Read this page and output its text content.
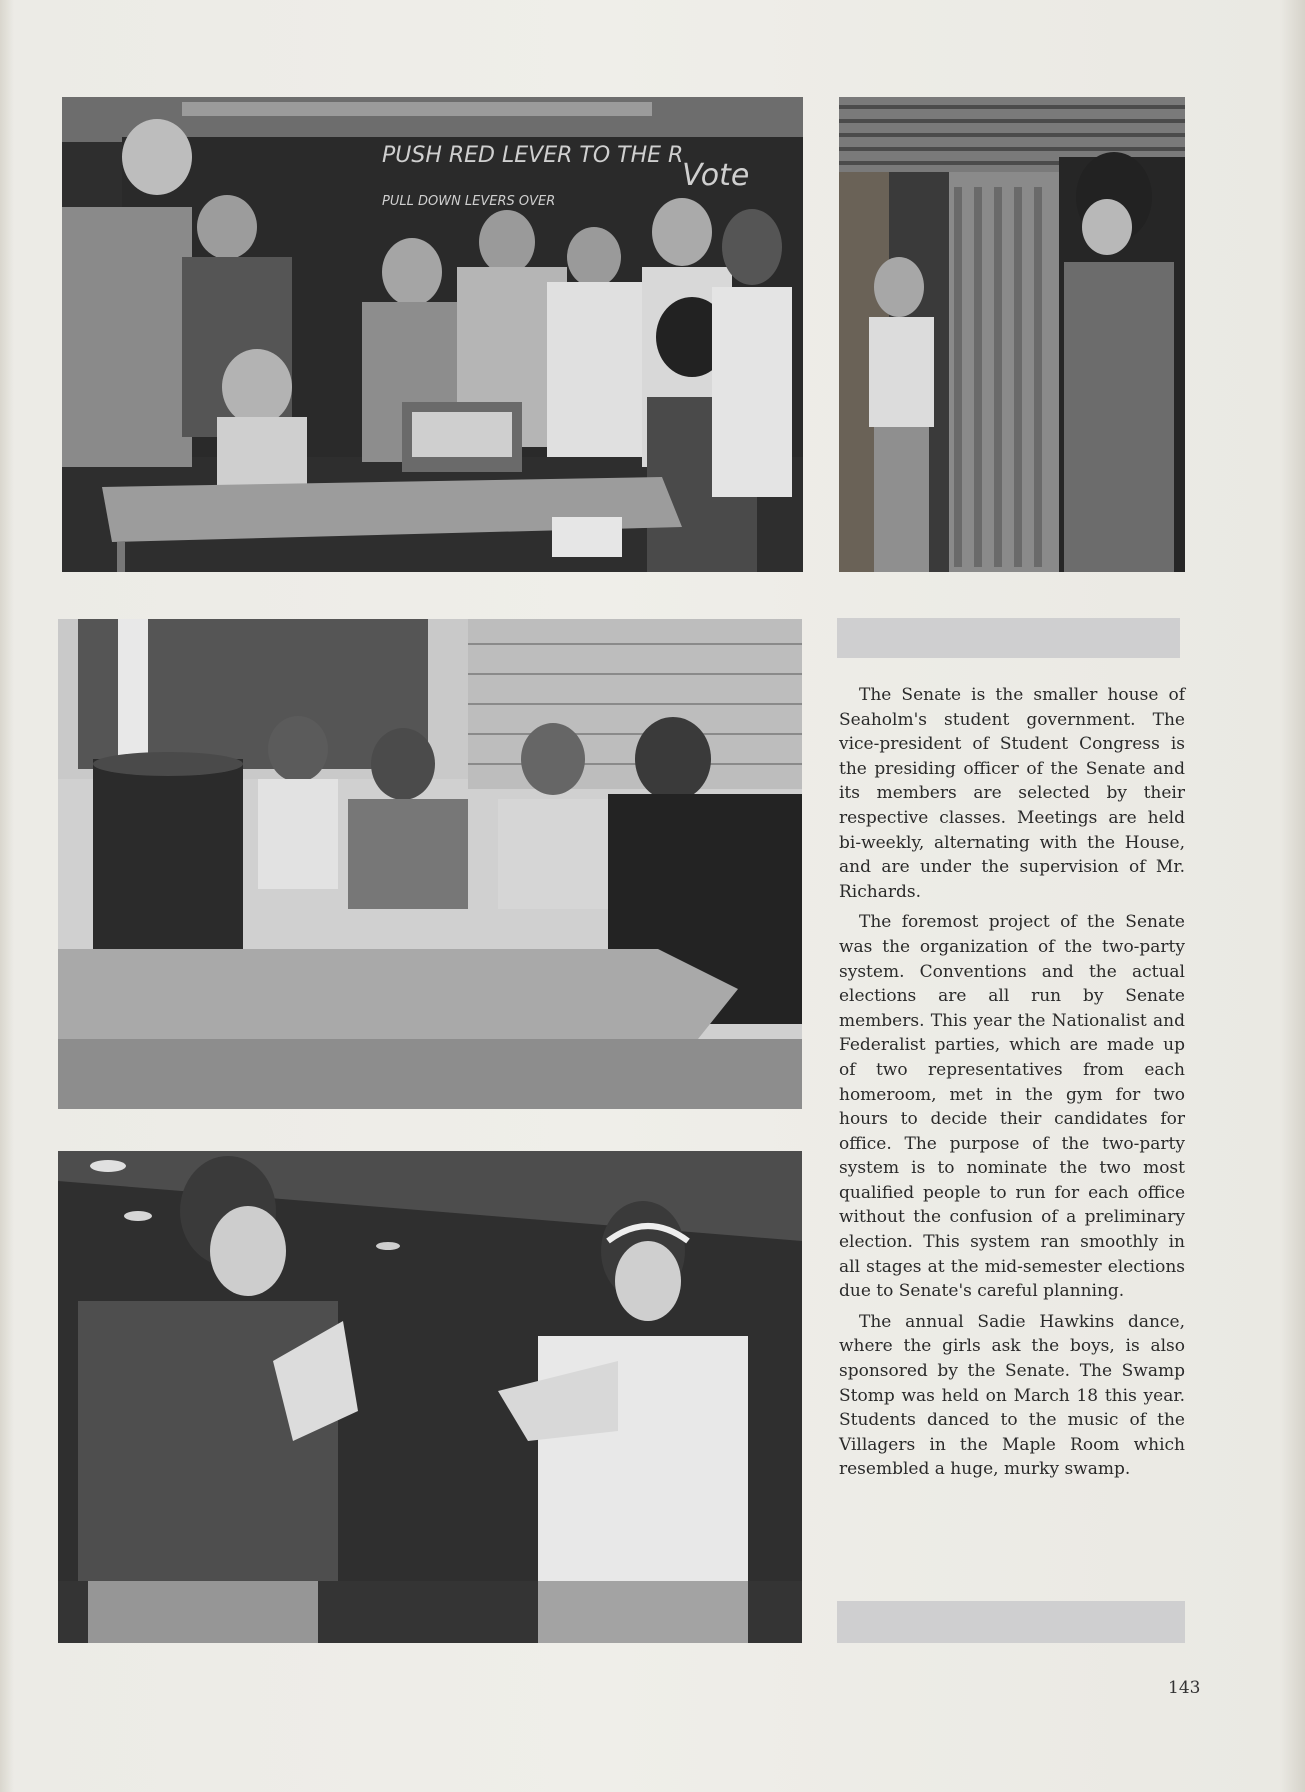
PUSH RED LEVER TO THE R
PULL DOWN LEVERS OVER
Vote

The Senate is the smaller house of Seaholm's student government. The vice-president of Student Congress is the presiding officer of the Senate and its members are selected by their respective classes. Meetings are held bi-weekly, alternating with the House, and are under the supervision of Mr. Richards.

The foremost project of the Senate was the organization of the two-party system. Conventions and the actual elections are all run by Senate members. This year the Nationalist and Federalist parties, which are made up of two representatives from each homeroom, met in the gym for two hours to decide their candidates for office. The purpose of the two-party system is to nominate the two most qualified people to run for each office without the confusion of a preliminary election. This system ran smoothly in all stages at the mid-semester elections due to Senate's careful planning.

The annual Sadie Hawkins dance, where the girls ask the boys, is also sponsored by the Senate. The Swamp Stomp was held on March 18 this year. Students danced to the music of the Villagers in the Maple Room which resembled a huge, murky swamp.

143
